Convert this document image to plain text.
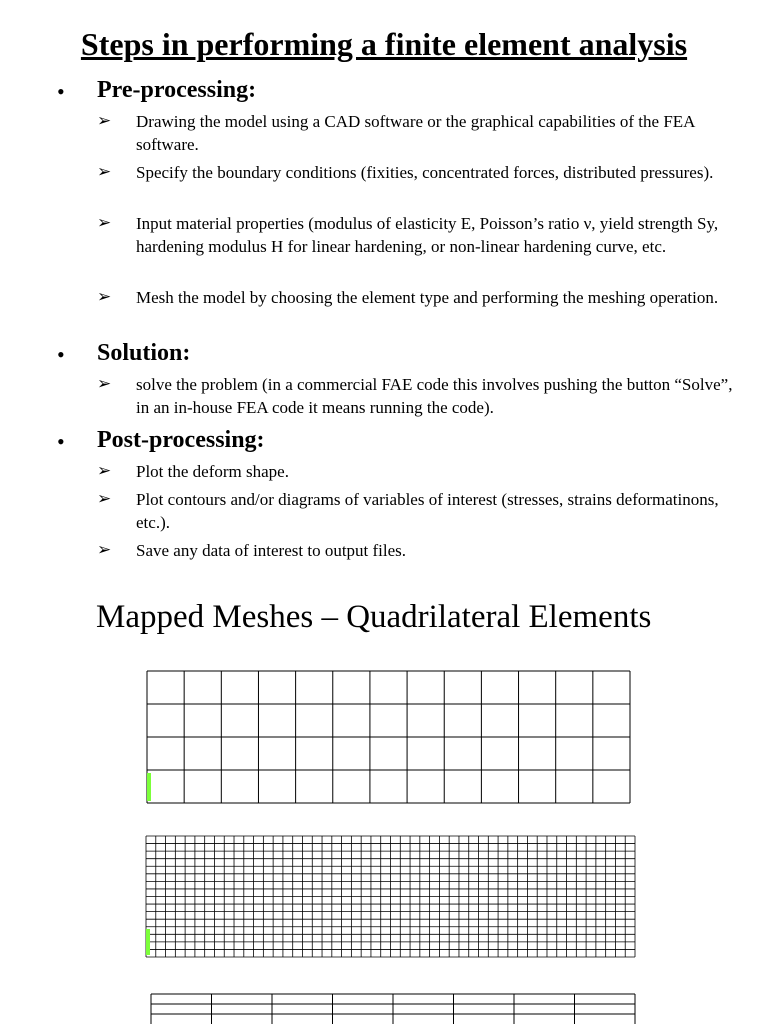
Steps in performing a finite element analysis
• Pre-processing:
➢ Drawing the model using a CAD software or the graphical capabilities of the FEA software.
➢ Specify the boundary conditions (fixities, concentrated forces, distributed pressures).
➢ Input material properties (modulus of elasticity E, Poisson’s ratio ν, yield strength Sy, hardening modulus H for linear hardening, or non-linear hardening curve, etc.
➢ Mesh the model by choosing the element type and performing the meshing operation.
• Solution:
➢ solve the problem (in a commercial FAE code this involves pushing the button “Solve”, in an in-house FEA code it means running the code).
• Post-processing:
➢ Plot the deform shape.
➢ Plot contours and/or diagrams of variables of interest (stresses, strains deformatinons, etc.).
➢ Save any data of interest to output files.
Mapped Meshes – Quadrilateral Elements
